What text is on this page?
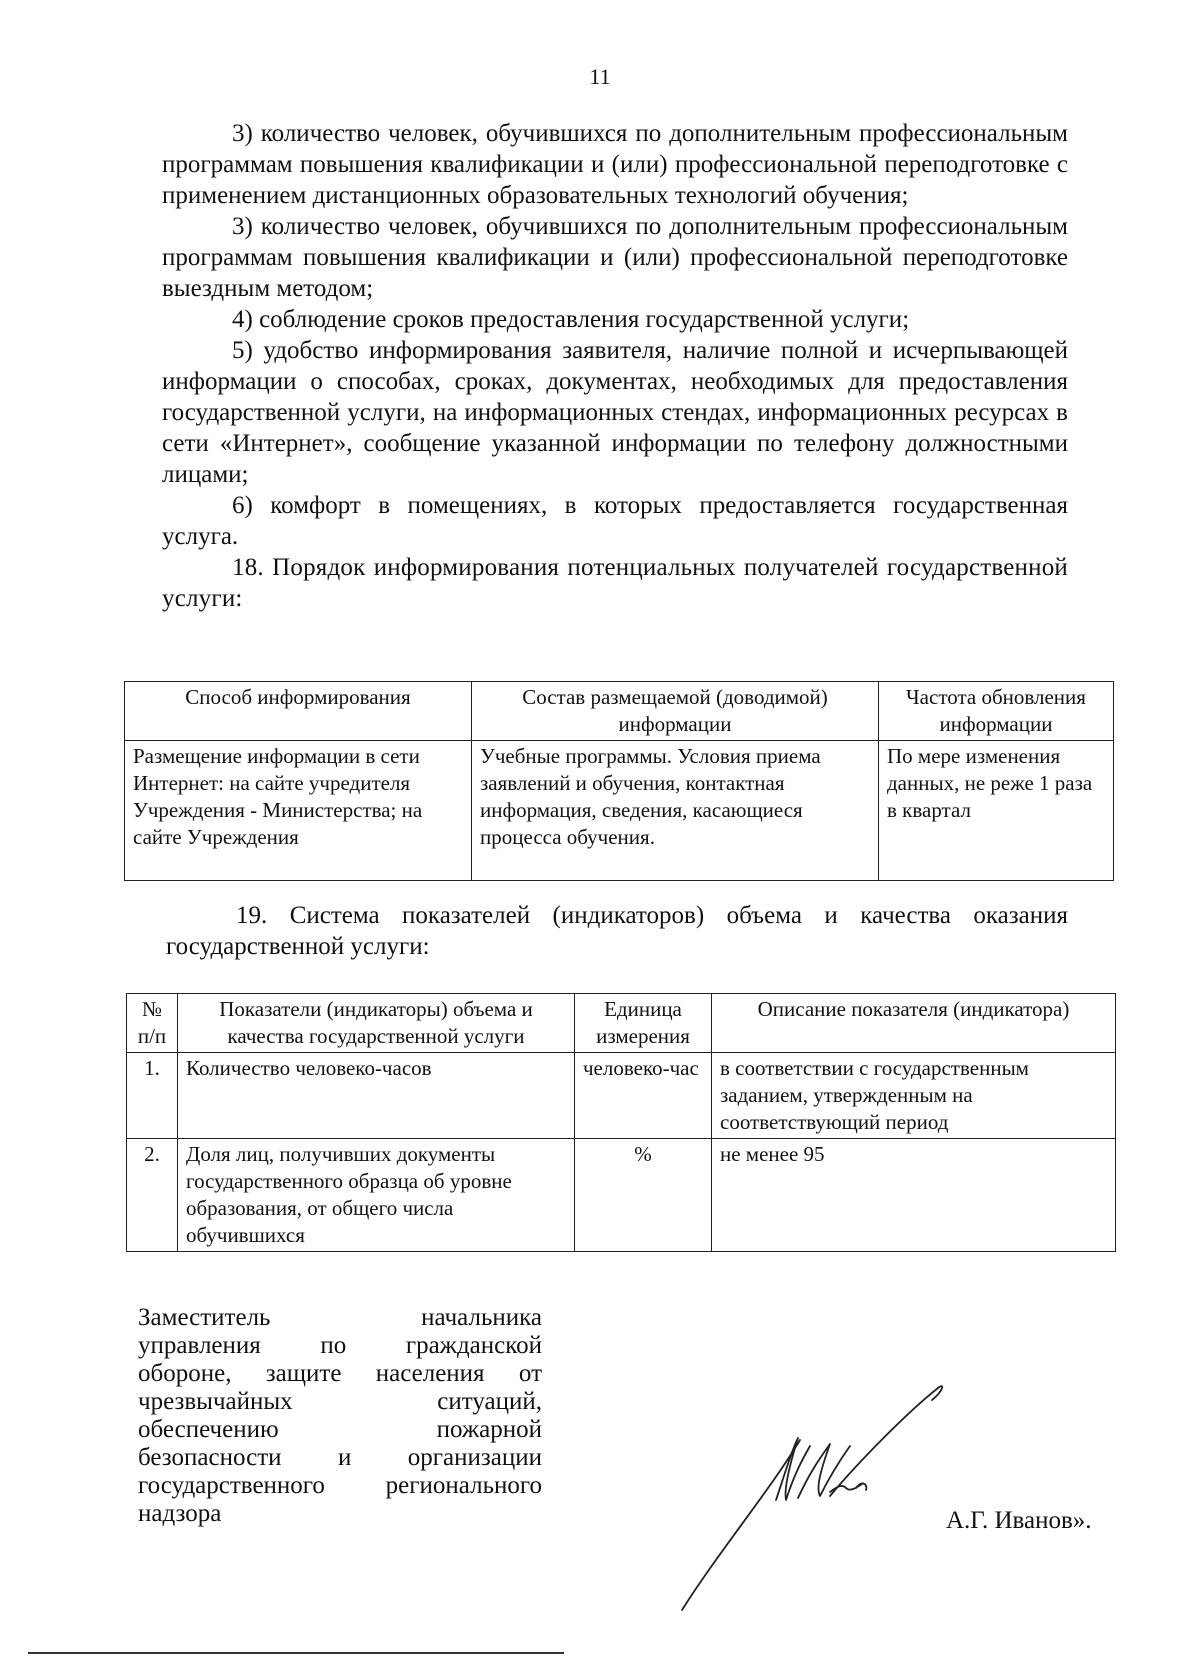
11

3) количество человек, обучившихся по дополнительным профессиональным программам повышения квалификации и (или) профессиональной переподготовке с применением дистанционных образовательных технологий обучения;

3) количество человек, обучившихся по дополнительным профессиональным программам повышения квалификации и (или) профессиональной переподготовке выездным методом;

4) соблюдение сроков предоставления государственной услуги;

5) удобство информирования заявителя, наличие полной и исчерпывающей информации о способах, сроках, документах, необходимых для предоставления государственной услуги, на информационных стендах, информационных ресурсах в сети «Интернет», сообщение указанной информации по телефону должностными лицами;

6) комфорт в помещениях, в которых предоставляется государственная услуга.

18. Порядок информирования потенциальных получателей государственной услуги:

Способ информирования	Состав размещаемой (доводимой) информации	Частота обновления информации
Размещение информации в сети Интернет: на сайте учредителя Учреждения - Министерства; на сайте Учреждения	Учебные программы. Условия приема заявлений и обучения, контактная информация, сведения, касающиеся процесса обучения.	По мере изменения данных, не реже 1 раза в квартал

19. Система показателей (индикаторов) объема и качества оказания государственной услуги:

№ п/п	Показатели (индикаторы) объема и качества государственной услуги	Единица измерения	Описание показателя (индикатора)
1.	Количество человеко-часов	человеко-час	в соответствии с государственным заданием, утвержденным на соответствующий период
2.	Доля лиц, получивших документы государственного образца об уровне образования, от общего числа обучившихся	%	не менее 95
Заместитель начальника
управления по гражданской
обороне, защите населения от
чрезвычайных ситуаций,
обеспечению пожарной
безопасности и организации
государственного регионального
надзора	А.Г. Иванов».
